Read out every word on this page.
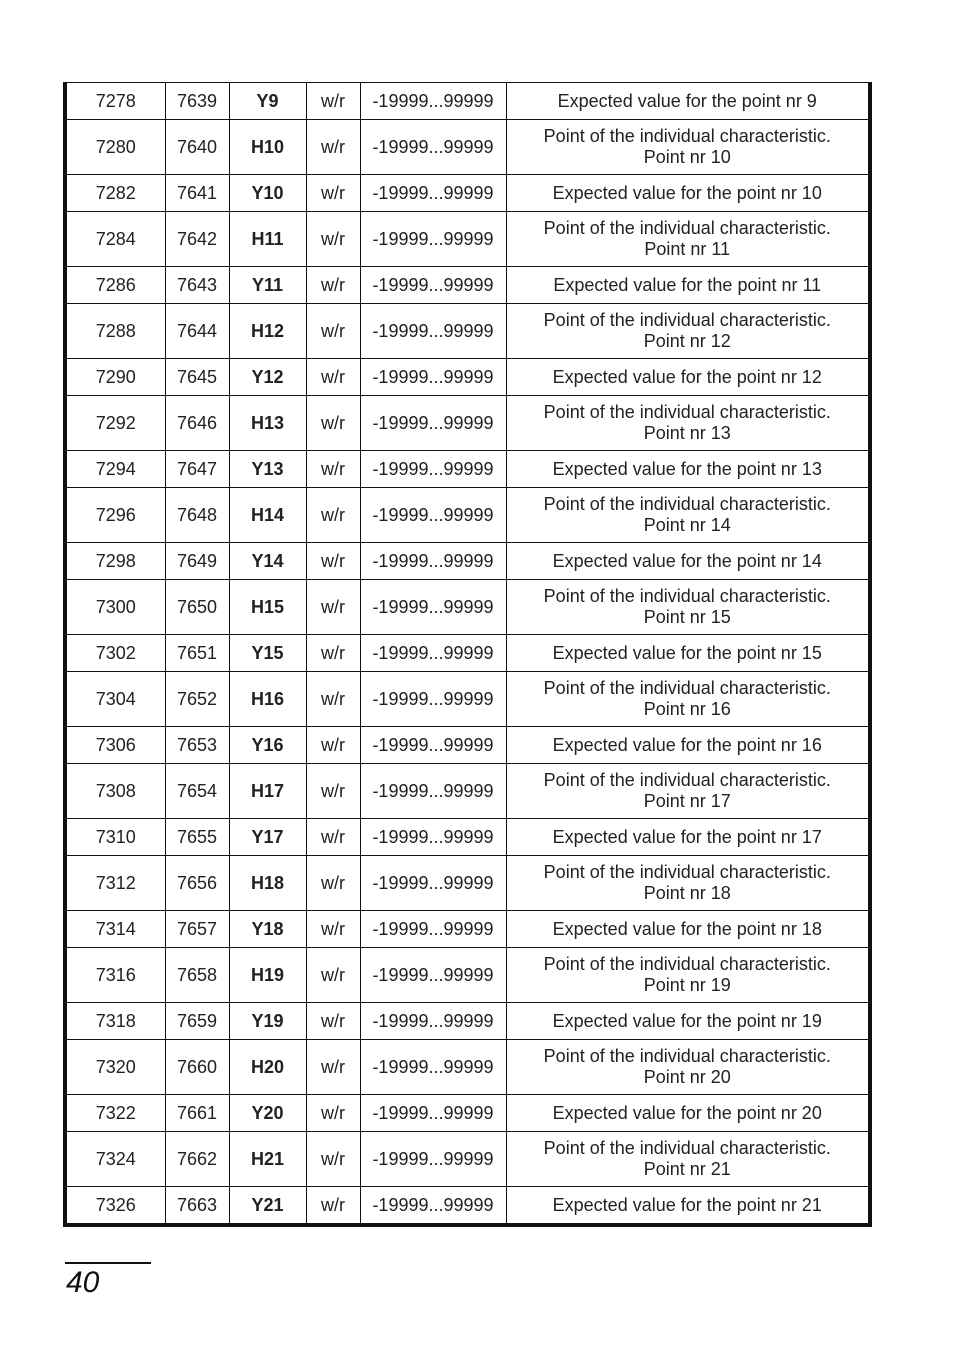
7278	7639	Y9	w/r	-19999...99999	Expected value for the point nr 9

7280	7640	H10	w/r	-19999...99999	Point of the individual characteristic.
Point nr 10

7282	7641	Y10	w/r	-19999...99999	Expected value for the point nr 10

7284	7642	H11	w/r	-19999...99999	Point of the individual characteristic.
Point nr 11

7286	7643	Y11	w/r	-19999...99999	Expected value for the point nr 11

7288	7644	H12	w/r	-19999...99999	Point of the individual characteristic.
Point nr 12

7290	7645	Y12	w/r	-19999...99999	Expected value for the point nr 12

7292	7646	H13	w/r	-19999...99999	Point of the individual characteristic.
Point nr 13

7294	7647	Y13	w/r	-19999...99999	Expected value for the point nr 13

7296	7648	H14	w/r	-19999...99999	Point of the individual characteristic.
Point nr 14

7298	7649	Y14	w/r	-19999...99999	Expected value for the point nr 14

7300	7650	H15	w/r	-19999...99999	Point of the individual characteristic.
Point nr 15

7302	7651	Y15	w/r	-19999...99999	Expected value for the point nr 15

7304	7652	H16	w/r	-19999...99999	Point of the individual characteristic.
Point nr 16

7306	7653	Y16	w/r	-19999...99999	Expected value for the point nr 16

7308	7654	H17	w/r	-19999...99999	Point of the individual characteristic.
Point nr 17

7310	7655	Y17	w/r	-19999...99999	Expected value for the point nr 17

7312	7656	H18	w/r	-19999...99999	Point of the individual characteristic.
Point nr 18

7314	7657	Y18	w/r	-19999...99999	Expected value for the point nr 18

7316	7658	H19	w/r	-19999...99999	Point of the individual characteristic.
Point nr 19

7318	7659	Y19	w/r	-19999...99999	Expected value for the point nr 19

7320	7660	H20	w/r	-19999...99999	Point of the individual characteristic.
Point nr 20

7322	7661	Y20	w/r	-19999...99999	Expected value for the point nr 20

7324	7662	H21	w/r	-19999...99999	Point of the individual characteristic.
Point nr 21

7326	7663	Y21	w/r	-19999...99999	Expected value for the point nr 21
40
